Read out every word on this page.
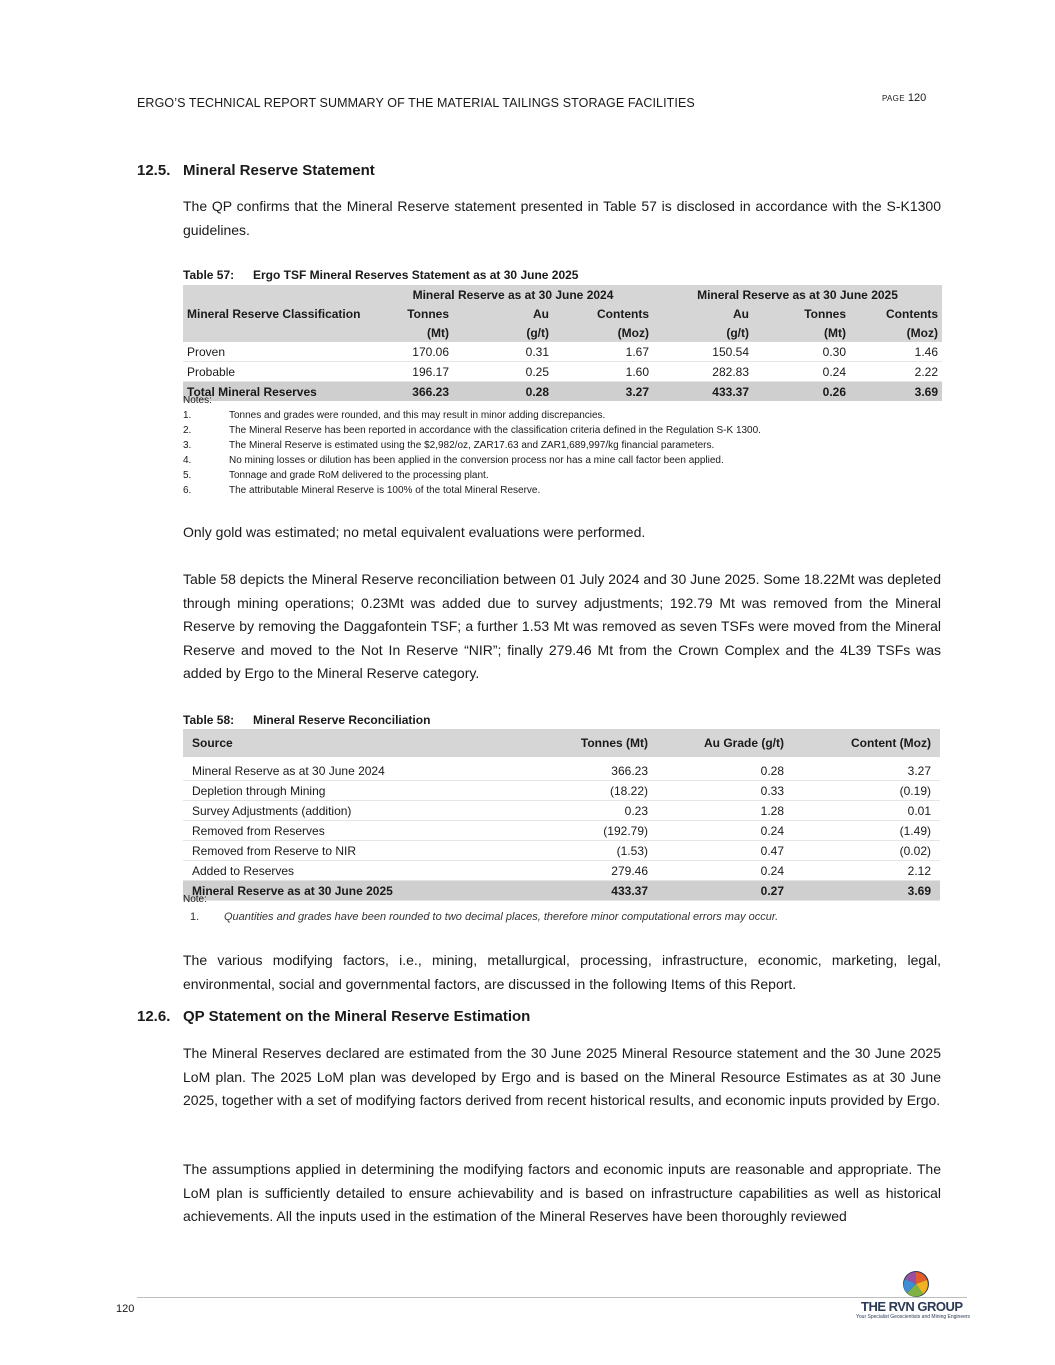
ERGO’S TECHNICAL REPORT SUMMARY OF THE MATERIAL TAILINGS STORAGE FACILITIES	PAGE 120
12.5. Mineral Reserve Statement

The QP confirms that the Mineral Reserve statement presented in Table 57 is disclosed in accordance with the S-K1300 guidelines.

Table 57: Ergo TSF Mineral Reserves Statement as at 30 June 2025
Mineral Reserve Classification	Mineral Reserve as at 30 June 2024			Mineral Reserve as at 30 June 2025		
	Tonnes	Au	Contents	Au	Tonnes	Contents
	(Mt)	(g/t)	(Moz)	(g/t)	(Mt)	(Moz)
Proven	170.06	0.31	1.67	150.54	0.30	1.46
Probable	196.17	0.25	1.60	282.83	0.24	2.22
Total Mineral Reserves	366.23	0.28	3.27	433.37	0.26	3.69
Notes:
1.	Tonnes and grades were rounded, and this may result in minor adding discrepancies.
2.	The Mineral Reserve has been reported in accordance with the classification criteria defined in the Regulation S-K 1300.
3.	The Mineral Reserve is estimated using the $2,982/oz, ZAR17.63 and ZAR1,689,997/kg financial parameters.
4.	No mining losses or dilution has been applied in the conversion process nor has a mine call factor been applied.
5.	Tonnage and grade RoM delivered to the processing plant.
6.	The attributable Mineral Reserve is 100% of the total Mineral Reserve.

Only gold was estimated; no metal equivalent evaluations were performed.

Table 58 depicts the Mineral Reserve reconciliation between 01 July 2024 and 30 June 2025. Some 18.22Mt was depleted through mining operations; 0.23Mt was added due to survey adjustments; 192.79 Mt was removed from the Mineral Reserve by removing the Daggafontein TSF; a further 1.53 Mt was removed as seven TSFs were moved from the Mineral Reserve and moved to the Not In Reserve “NIR”; finally 279.46 Mt from the Crown Complex and the 4L39 TSFs was added by Ergo to the Mineral Reserve category.

Table 58: Mineral Reserve Reconciliation
Source	Tonnes (Mt)	Au Grade (g/t)	Content (Moz)

Mineral Reserve as at 30 June 2024	366.23	0.28	3.27
Depletion through Mining	(18.22)	0.33	(0.19)
Survey Adjustments (addition)	0.23	1.28	0.01
Removed from Reserves	(192.79)	0.24	(1.49)
Removed from Reserve to NIR	(1.53)	0.47	(0.02)
Added to Reserves	279.46	0.24	2.12
Mineral Reserve as at 30 June 2025	433.37	0.27	3.69
Note:
1. Quantities and grades have been rounded to two decimal places, therefore minor computational errors may occur.

The various modifying factors, i.e., mining, metallurgical, processing, infrastructure, economic, marketing, legal, environmental, social and governmental factors, are discussed in the following Items of this Report.

12.6. QP Statement on the Mineral Reserve Estimation

The Mineral Reserves declared are estimated from the 30 June 2025 Mineral Resource statement and the 30 June 2025 LoM plan. The 2025 LoM plan was developed by Ergo and is based on the Mineral Resource Estimates as at 30 June 2025, together with a set of modifying factors derived from recent historical results, and economic inputs provided by Ergo.

The assumptions applied in determining the modifying factors and economic inputs are reasonable and appropriate. The LoM plan is sufficiently detailed to ensure achievability and is based on infrastructure capabilities as well as historical achievements. All the inputs used in the estimation of the Mineral Reserves have been thoroughly reviewed

120	THE RVN GROUP
Your Specialist Geoscientists and Mining Engineers
